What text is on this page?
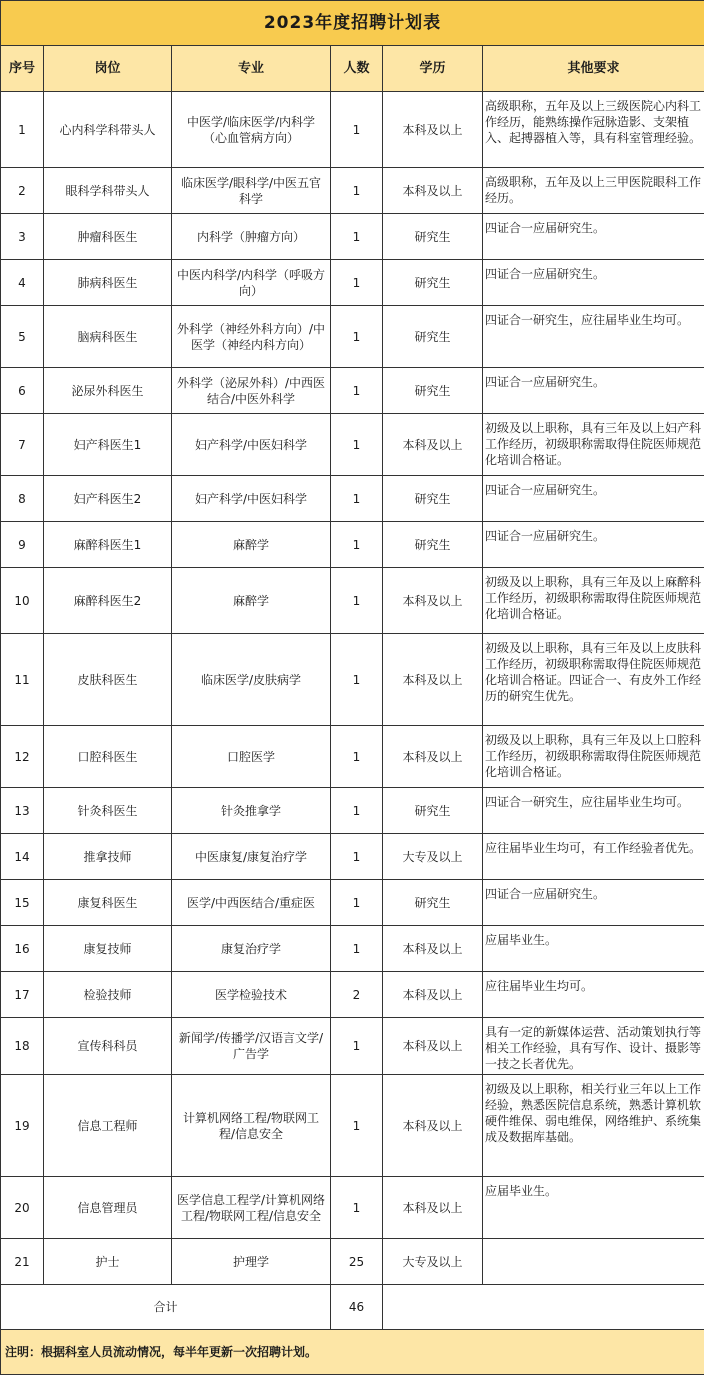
2023年度招聘计划表					
序号	岗位	专业	人数	学历	其他要求
1	心内科学科带头人	中医学/临床医学/内科学（心血管病方向）	1	本科及以上	高级职称，五年及以上三级医院心内科工作经历，能熟练操作冠脉造影、支架植入、起搏器植入等，具有科室管理经验。

2	眼科学科带头人	临床医学/眼科学/中医五官科学	1	本科及以上	高级职称，五年及以上三甲医院眼科工作经历。

3	肿瘤科医生	内科学（肿瘤方向）	1	研究生	四证合一应届研究生。

4	肺病科医生	中医内科学/内科学（呼吸方向）	1	研究生	四证合一应届研究生。

5	脑病科医生	外科学（神经外科方向）/中医学（神经内科方向）	1	研究生	四证合一研究生，应往届毕业生均可。

6	泌尿外科医生	外科学（泌尿外科）/中西医结合/中医外科学	1	研究生	四证合一应届研究生。

7	妇产科医生1	妇产科学/中医妇科学	1	本科及以上	初级及以上职称，具有三年及以上妇产科工作经历，初级职称需取得住院医师规范化培训合格证。

8	妇产科医生2	妇产科学/中医妇科学	1	研究生	四证合一应届研究生。

9	麻醉科医生1	麻醉学	1	研究生	四证合一应届研究生。

10	麻醉科医生2	麻醉学	1	本科及以上	初级及以上职称，具有三年及以上麻醉科工作经历，初级职称需取得住院医师规范化培训合格证。

11	皮肤科医生	临床医学/皮肤病学	1	本科及以上	初级及以上职称，具有三年及以上皮肤科工作经历，初级职称需取得住院医师规范化培训合格证。四证合一、有皮外工作经历的研究生优先。

12	口腔科医生	口腔医学	1	本科及以上	初级及以上职称，具有三年及以上口腔科工作经历，初级职称需取得住院医师规范化培训合格证。

13	针灸科医生	针灸推拿学	1	研究生	四证合一研究生，应往届毕业生均可。

14	推拿技师	中医康复/康复治疗学	1	大专及以上	应往届毕业生均可，有工作经验者优先。

15	康复科医生	医学/中西医结合/重症医	1	研究生	四证合一应届研究生。

16	康复技师	康复治疗学	1	本科及以上	应届毕业生。

17	检验技师	医学检验技术	2	本科及以上	应往届毕业生均可。

18	宣传科科员	新闻学/传播学/汉语言文学/广告学	1	本科及以上	具有一定的新媒体运营、活动策划执行等相关工作经验，具有写作、设计、摄影等一技之长者优先。

19	信息工程师	计算机网络工程/物联网工程/信息安全	1	本科及以上	初级及以上职称，相关行业三年以上工作经验，熟悉医院信息系统，熟悉计算机软硬件维保、弱电维保，网络维护、系统集成及数据库基础。

20	信息管理员	医学信息工程学/计算机网络工程/物联网工程/信息安全	1	本科及以上	应届毕业生。

21	护士	护理学	25	大专及以上	

合计			46		
注明：根据科室人员流动情况，每半年更新一次招聘计划。					
